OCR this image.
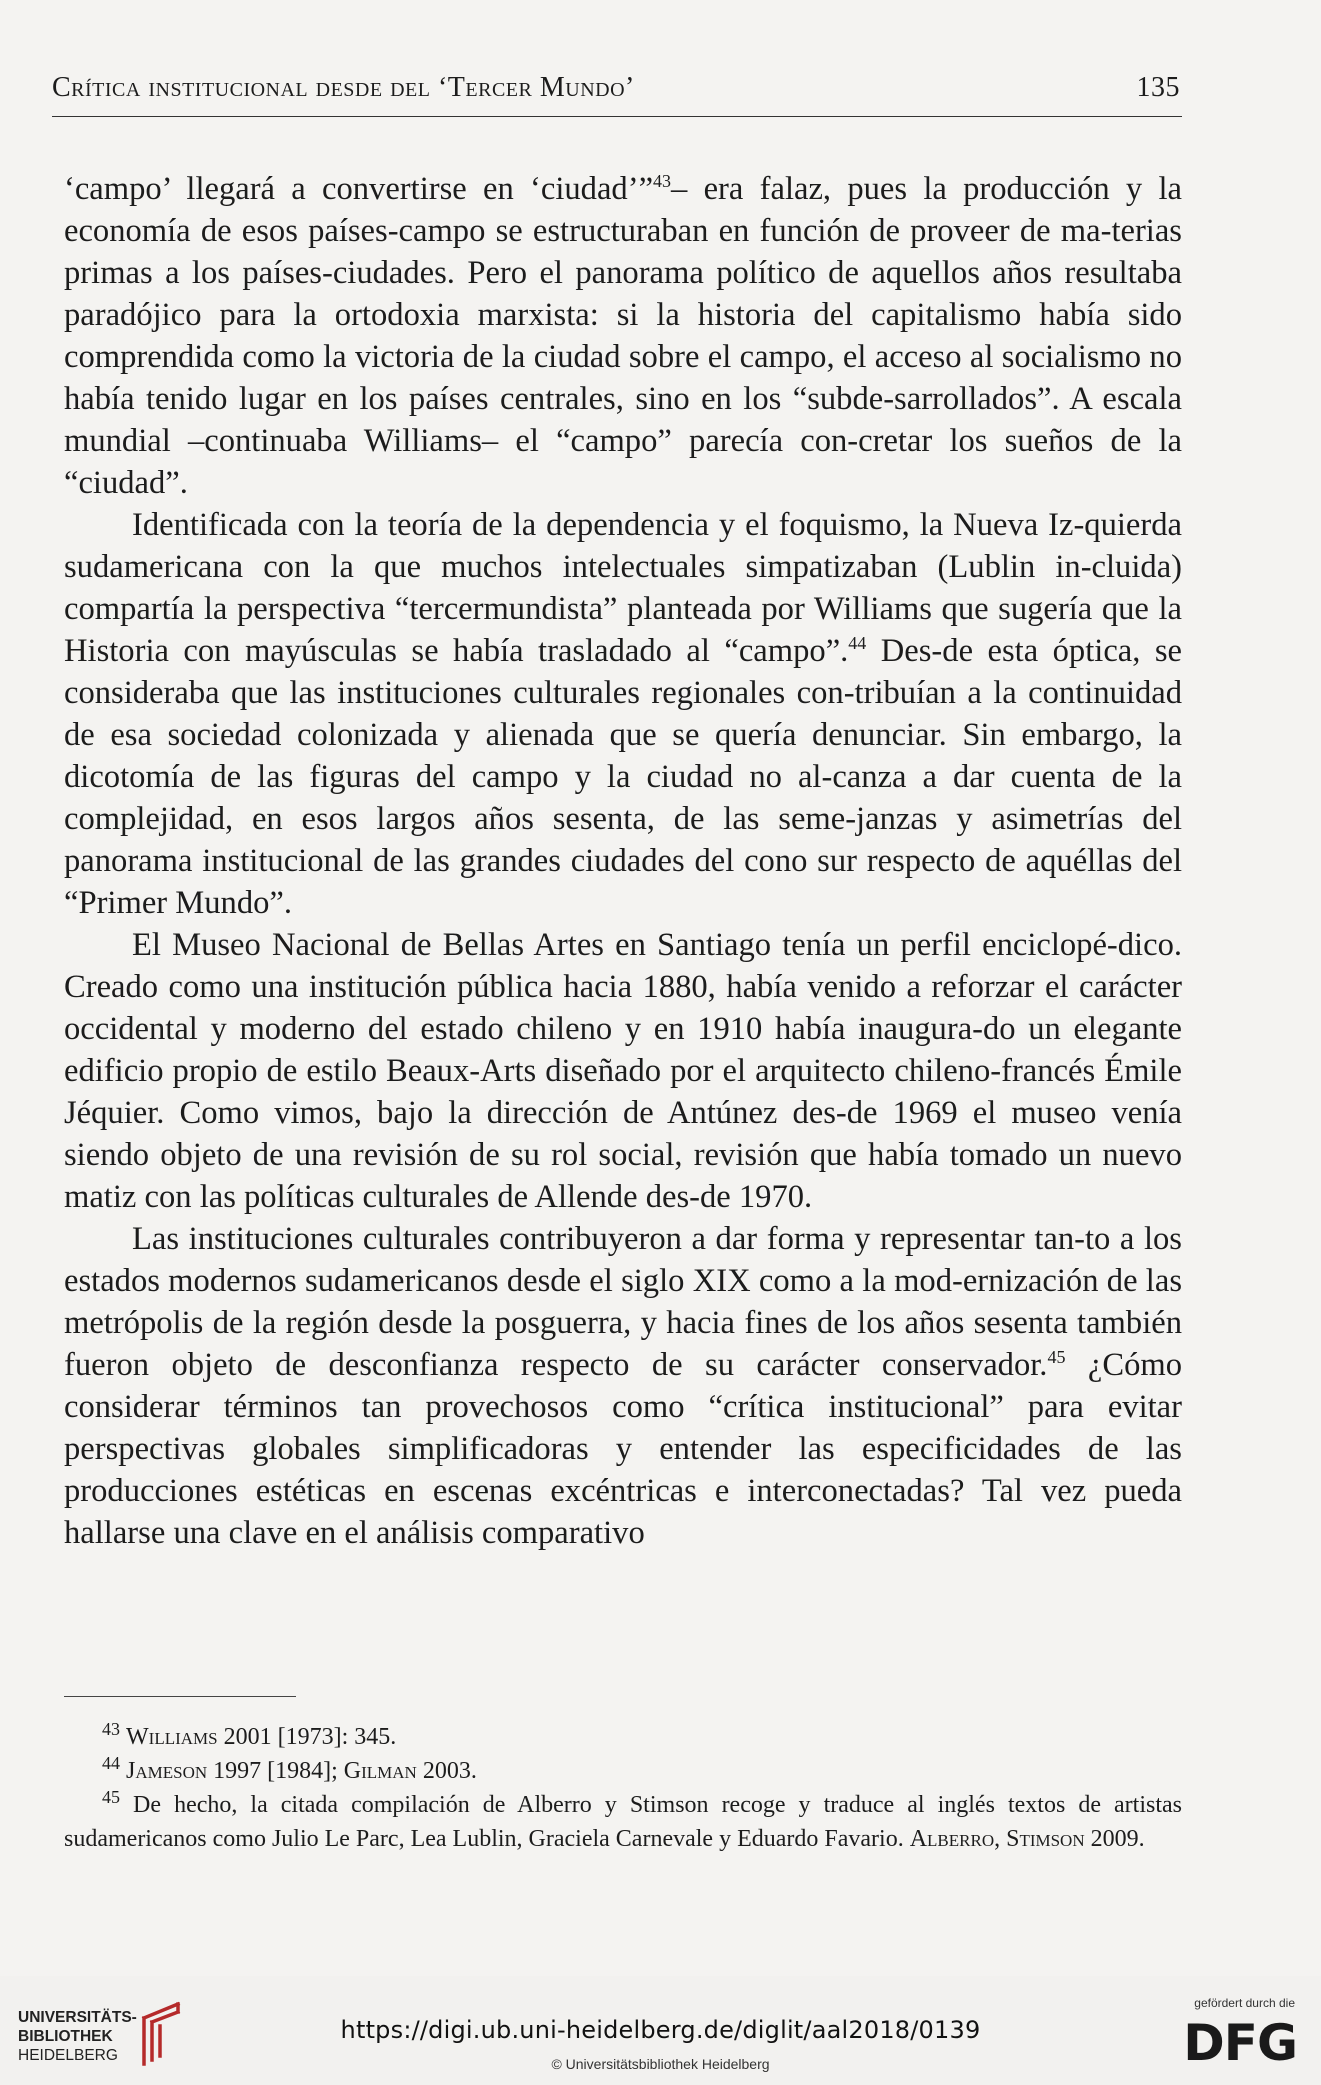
Crítica institucional desde del ‘Tercer Mundo’	135

‘campo’ llegará a convertirse en ‘ciudad’”$^{43}$– era falaz, pues la producción y la economía de esos países-campo se estructuraban en función de proveer de ma-terias primas a los países-ciudades. Pero el panorama político de aquellos años resultaba paradójico para la ortodoxia marxista: si la historia del capitalismo había sido comprendida como la victoria de la ciudad sobre el campo, el acceso al socialismo no había tenido lugar en los países centrales, sino en los “subde-sarrollados”. A escala mundial –continuaba Williams– el “campo” parecía con-cretar los sueños de la “ciudad”.

Identificada con la teoría de la dependencia y el foquismo, la Nueva Iz-quierda sudamericana con la que muchos intelectuales simpatizaban (Lublin in-cluida) compartía la perspectiva “tercermundista” planteada por Williams que sugería que la Historia con mayúsculas se había trasladado al “campo”.$^{44}$ Des-de esta óptica, se consideraba que las instituciones culturales regionales con-tribuían a la continuidad de esa sociedad colonizada y alienada que se quería denunciar. Sin embargo, la dicotomía de las figuras del campo y la ciudad no al-canza a dar cuenta de la complejidad, en esos largos años sesenta, de las seme-janzas y asimetrías del panorama institucional de las grandes ciudades del cono sur respecto de aquéllas del “Primer Mundo”.

El Museo Nacional de Bellas Artes en Santiago tenía un perfil enciclopé-dico. Creado como una institución pública hacia 1880, había venido a reforzar el carácter occidental y moderno del estado chileno y en 1910 había inaugura-do un elegante edificio propio de estilo Beaux-Arts diseñado por el arquitecto chileno-francés Émile Jéquier. Como vimos, bajo la dirección de Antúnez des-de 1969 el museo venía siendo objeto de una revisión de su rol social, revisión que había tomado un nuevo matiz con las políticas culturales de Allende des-de 1970.

Las instituciones culturales contribuyeron a dar forma y representar tan-to a los estados modernos sudamericanos desde el siglo XIX como a la mod-ernización de las metrópolis de la región desde la posguerra, y hacia fines de los años sesenta también fueron objeto de desconfianza respecto de su carácter conservador.$^{45}$ ¿Cómo considerar términos tan provechosos como “crítica institucional” para evitar perspectivas globales simplificadoras y entender las especificidades de las producciones estéticas en escenas excéntricas e interconectadas? Tal vez pueda hallarse una clave en el análisis comparativo

$^{43}$ Williams 2001 [1973]: 345.

$^{44}$ Jameson 1997 [1984]; Gilman 2003.

$^{45}$ De hecho, la citada compilación de Alberro y Stimson recoge y traduce al inglés textos de artistas sudamericanos como Julio Le Parc, Lea Lublin, Graciela Carnevale y Eduardo Favario. Alberro, Stimson 2009.

UNIVERSITÄTS-
BIBLIOTHEK
HEIDELBERG
https://digi.ub.uni-heidelberg.de/diglit/aal2018/0139
© Universitätsbibliothek Heidelberg
gefördert durch die
DFG
